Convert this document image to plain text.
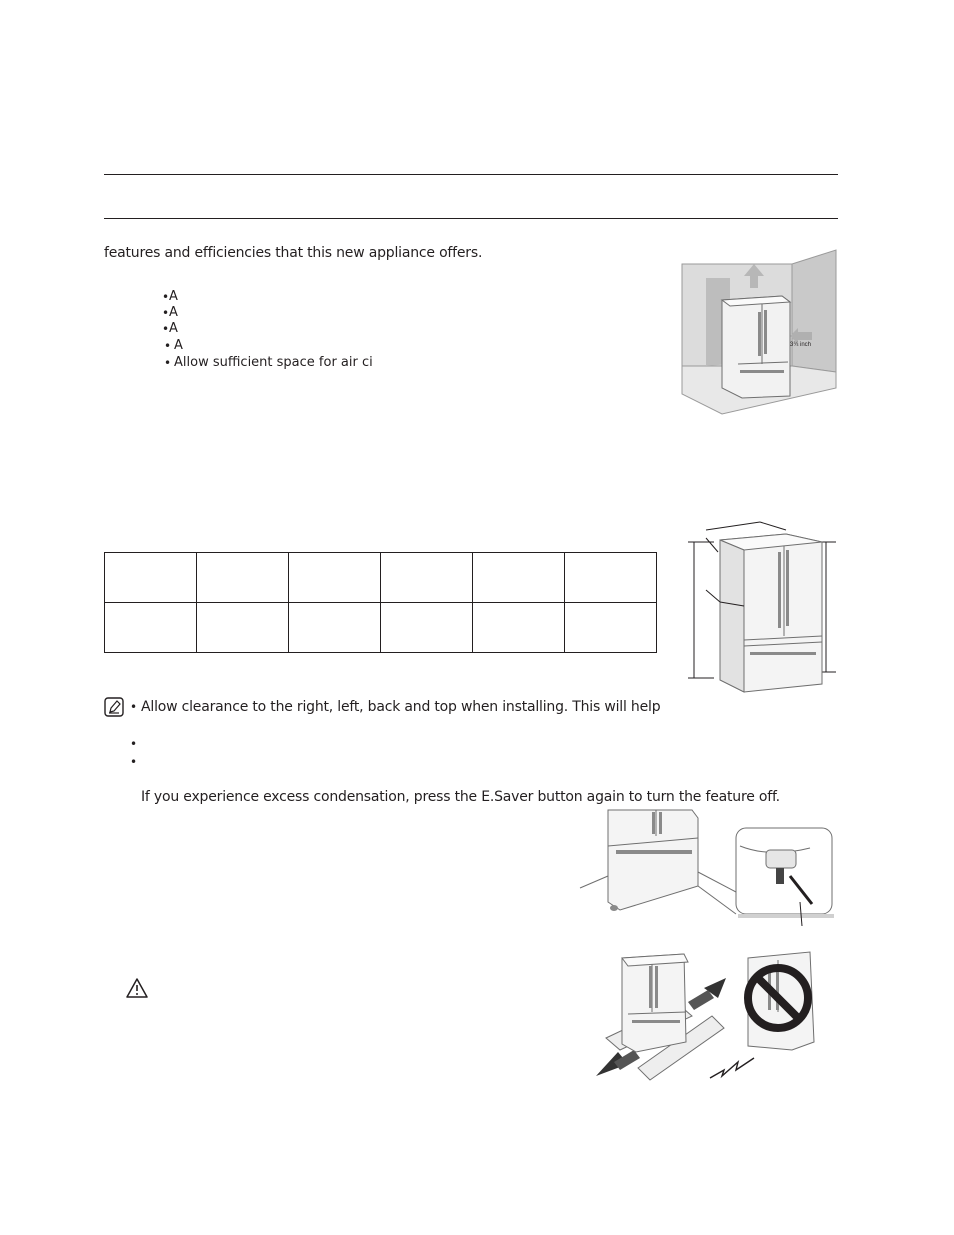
features and efficiencies that this new appliance offers.
• A
• A
• A
• A
• Allow sufficient space for air ci
3¾ inch

• Allow clearance to the right, left, back and top when installing. This will help
•
•
If you experience excess condensation, press the E.Saver button again to turn the feature off.
